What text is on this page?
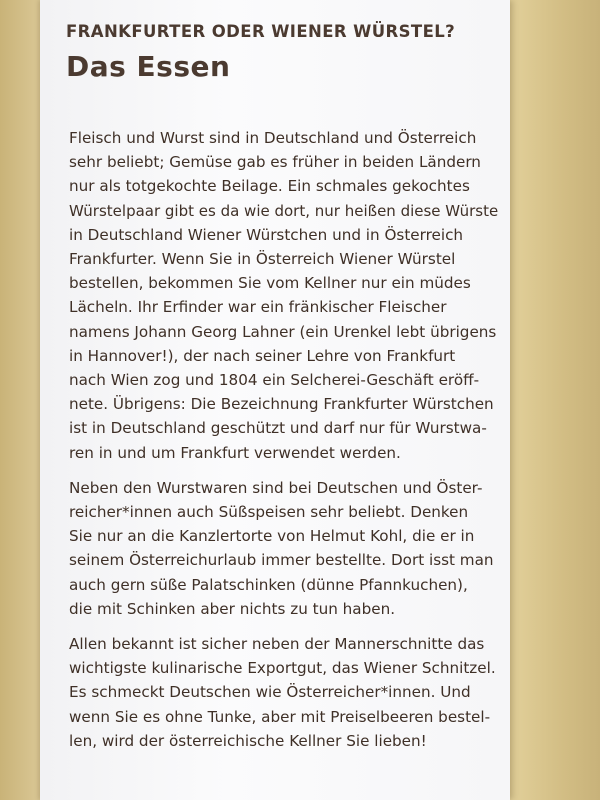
FRANKFURTER ODER WIENER WÜRSTEL?
Das Essen

Fleisch und Wurst sind in Deutschland und Österreich
sehr beliebt; Gemüse gab es früher in beiden Ländern
nur als totgekochte Beilage. Ein schmales gekochtes
Würstelpaar gibt es da wie dort, nur heißen diese Würste
in Deutschland Wiener Würstchen und in Österreich
Frankfurter. Wenn Sie in Österreich Wiener Würstel
bestellen, bekommen Sie vom Kellner nur ein müdes
Lächeln. Ihr Erfinder war ein fränkischer Fleischer
namens Johann Georg Lahner (ein Urenkel lebt übrigens
in Hannover!), der nach seiner Lehre von Frankfurt
nach Wien zog und 1804 ein Selcherei-Geschäft eröff-
nete. Übrigens: Die Bezeichnung Frankfurter Würstchen
ist in Deutschland geschützt und darf nur für Wurstwa-
ren in und um Frankfurt verwendet werden.

Neben den Wurstwaren sind bei Deutschen und Öster-
reicher*innen auch Süßspeisen sehr beliebt. Denken
Sie nur an die Kanzlertorte von Helmut Kohl, die er in
seinem Österreichurlaub immer bestellte. Dort isst man
auch gern süße Palatschinken (dünne Pfannkuchen),
die mit Schinken aber nichts zu tun haben.

Allen bekannt ist sicher neben der Mannerschnitte das
wichtigste kulinarische Exportgut, das Wiener Schnitzel.
Es schmeckt Deutschen wie Österreicher*innen. Und
wenn Sie es ohne Tunke, aber mit Preiselbeeren bestel-
len, wird der österreichische Kellner Sie lieben!
